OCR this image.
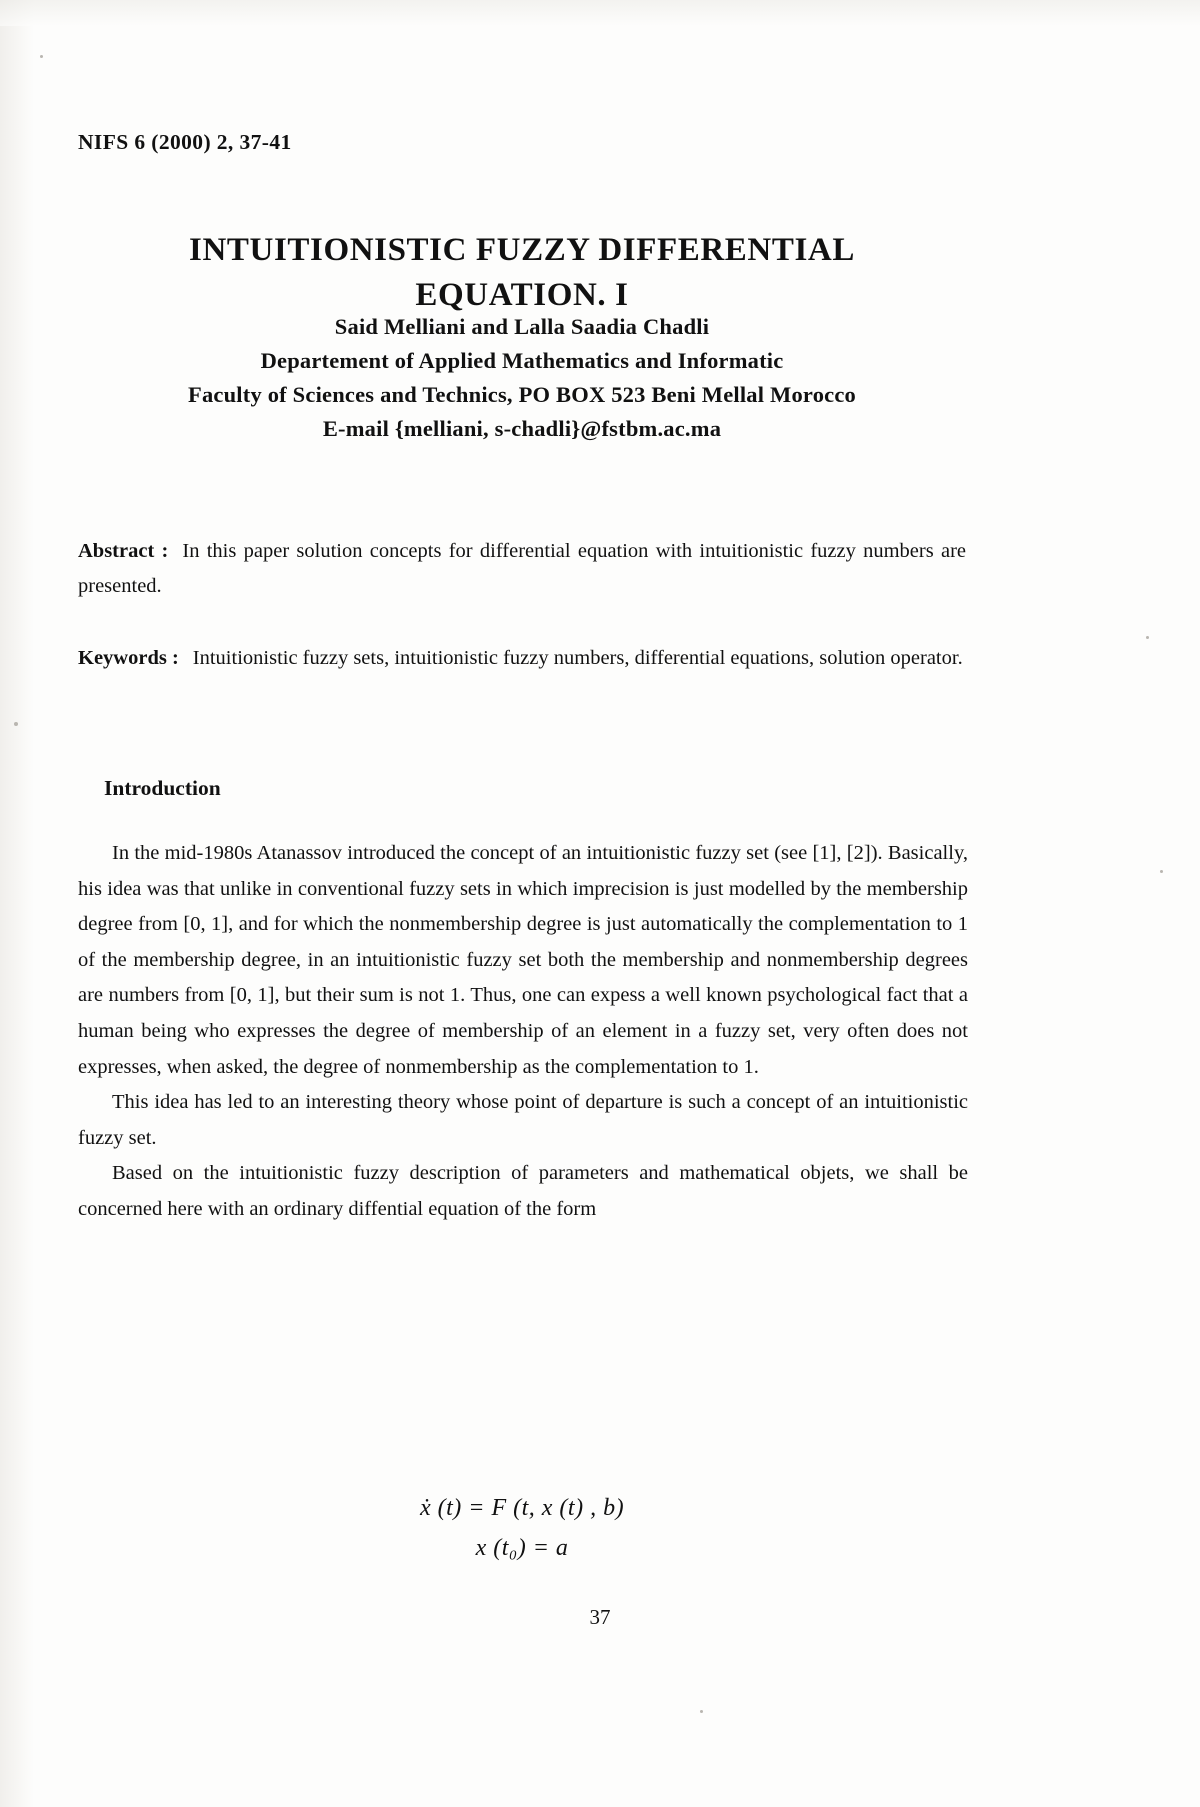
NIFS 6 (2000) 2, 37-41
INTUITIONISTIC FUZZY DIFFERENTIAL
EQUATION. I
Said Melliani and Lalla Saadia Chadli
Departement of Applied Mathematics and Informatic
Faculty of Sciences and Technics, PO BOX 523 Beni Mellal Morocco
E-mail {melliani, s-chadli}@fstbm.ac.ma
Abstract : In this paper solution concepts for differential equation with intuitionistic fuzzy numbers are presented.
Keywords : Intuitionistic fuzzy sets, intuitionistic fuzzy numbers, differential equations, solution operator.
Introduction

In the mid-1980s Atanassov introduced the concept of an intuitionistic fuzzy set (see [1], [2]). Basically, his idea was that unlike in conventional fuzzy sets in which imprecision is just modelled by the membership degree from [0, 1], and for which the nonmembership degree is just automatically the complementation to 1 of the membership degree, in an intuitionistic fuzzy set both the membership and nonmembership degrees are numbers from [0, 1], but their sum is not 1. Thus, one can expess a well known psychological fact that a human being who expresses the degree of membership of an element in a fuzzy set, very often does not expresses, when asked, the degree of nonmembership as the complementation to 1.

This idea has led to an interesting theory whose point of departure is such a concept of an intuitionistic fuzzy set.

Based on the intuitionistic fuzzy description of parameters and mathematical objets, we shall be concerned here with an ordinary diffential equation of the form

ẋ (t) = F (t, x (t) , b)
x (t₀) = a
37
